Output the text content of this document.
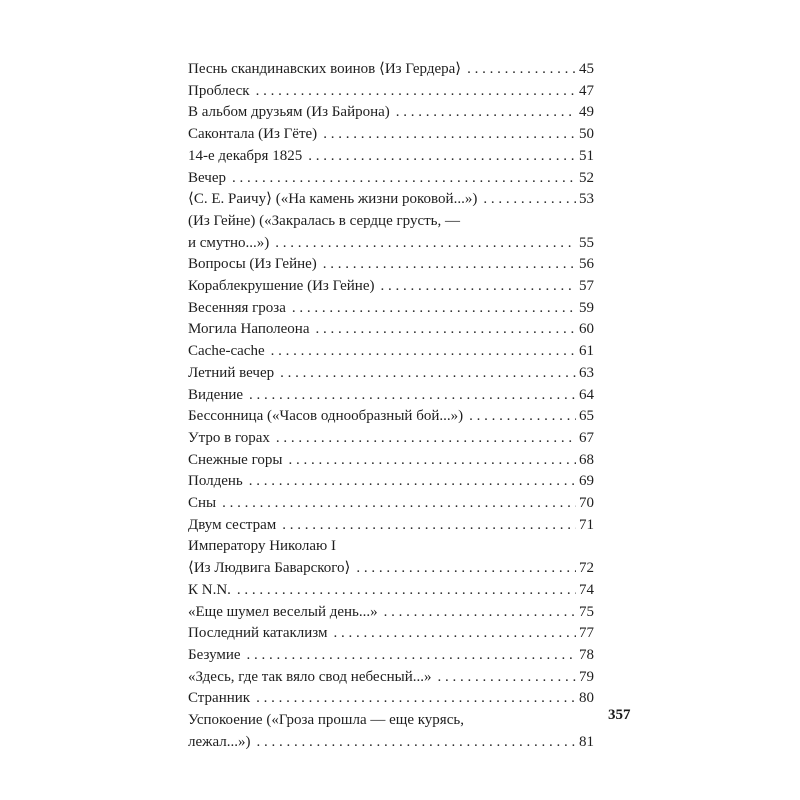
Песнь скандинавских воинов ⟨Из Гердера⟩ . . .	45
Проблеск . . .	47
В альбом друзьям (Из Байрона) . . .	49
Саконтала (Из Гёте) . . .	50
14-е декабря 1825 . . .	51
Вечер . . .	52
⟨С. Е. Раичу⟩ («На камень жизни роковой...») . . .	53
(Из Гейне) («Закралась в сердце грусть, —
и смутно...») . . .	55
Вопросы (Из Гейне) . . .	56
Кораблекрушение (Из Гейне) . . .	57
Весенняя гроза . . .	59
Могила Наполеона . . .	60
Cache-cache . . .	61
Летний вечер . . .	63
Видение . . .	64
Бессонница («Часов однообразный бой...») . . .	65
Утро в горах . . .	67
Снежные горы . . .	68
Полдень . . .	69
Сны . . .	70
Двум сестрам . . .	71
Императору Николаю I
⟨Из Людвига Баварского⟩ . . .	72
К N.N. . . .	74
«Еще шумел веселый день...» . . .	75
Последний катаклизм . . .	77
Безумие . . .	78
«Здесь, где так вяло свод небесный...» . . .	79
Странник . . .	80
Успокоение («Гроза прошла — еще курясь,
лежал...») . . .	81
357
